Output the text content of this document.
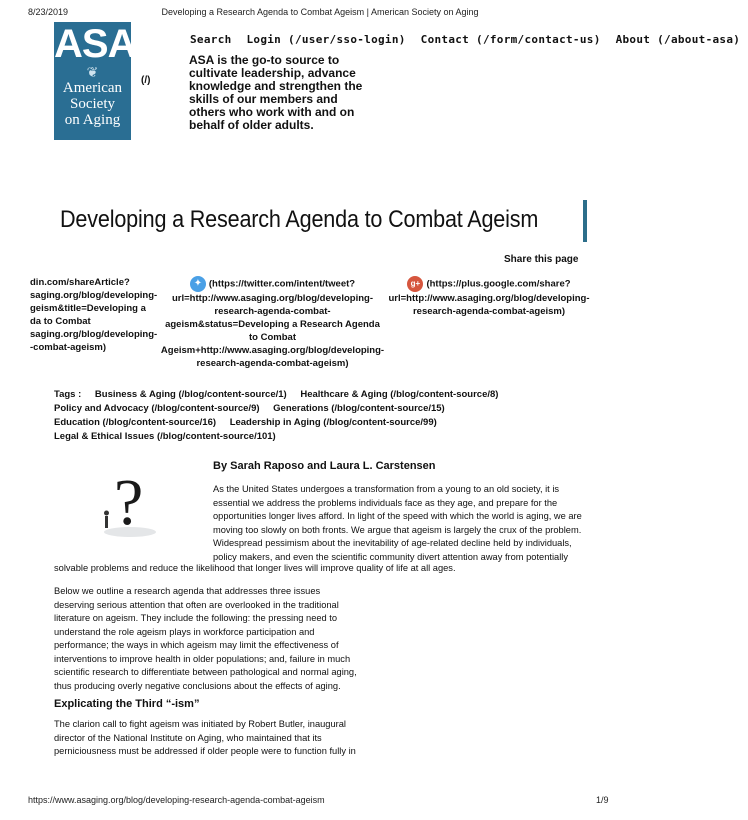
8/23/2019	Developing a Research Agenda to Combat Ageism | American Society on Aging
ASA
❦
American
Society
on Aging
(/)
Search Login (/user/sso-login) Contact (/form/contact-us) About (/about-asa)
ASA is the go-to source to cultivate leadership, advance knowledge and strengthen the skills of our members and others who work with and on behalf of older adults.
Developing a Research Agenda to Combat Ageism
Share this page
din.com/shareArticle?
saging.org/blog/developing-
geism&title=Developing a
da to Combat
saging.org/blog/developing-
-combat-ageism)
✦ (https://twitter.com/intent/tweet?
url=http://www.asaging.org/blog/developing-
research-agenda-combat-
ageism&status=Developing a Research Agenda
to Combat
Ageism+http://www.asaging.org/blog/developing-
research-agenda-combat-ageism)
g+ (https://plus.google.com/share?
url=http://www.asaging.org/blog/developing-
research-agenda-combat-ageism)
Tags : Business & Aging (/blog/content-source/1) Healthcare & Aging (/blog/content-source/8)
Policy and Advocacy (/blog/content-source/9) Generations (/blog/content-source/15)
Education (/blog/content-source/16) Leadership in Aging (/blog/content-source/99)
Legal & Ethical Issues (/blog/content-source/101)
?	By Sarah Raposo and Laura L. Carstensen
As the United States undergoes a transformation from a young to an old society, it is essential we address the problems individuals face as they age, and prepare for the opportunities longer lives afford. In light of the speed with which the world is aging, we are moving too slowly on both fronts. We argue that ageism is largely the crux of the problem. Widespread pessimism about the inevitability of age-related decline held by individuals, policy makers, and even the scientific community divert attention away from potentially
solvable problems and reduce the likelihood that longer lives will improve quality of life at all ages.
Below we outline a research agenda that addresses three issues deserving serious attention that often are overlooked in the traditional literature on ageism. They include the following: the pressing need to understand the role ageism plays in workforce participation and performance; the ways in which ageism may limit the effectiveness of interventions to improve health in older populations; and, failure in much scientific research to differentiate between pathological and normal aging, thus producing overly negative conclusions about the effects of aging.
Explicating the Third “-ism”
The clarion call to fight ageism was initiated by Robert Butler, inaugural director of the National Institute on Aging, who maintained that its perniciousness must be addressed if older people were to function fully in
https://www.asaging.org/blog/developing-research-agenda-combat-ageism	1/9
